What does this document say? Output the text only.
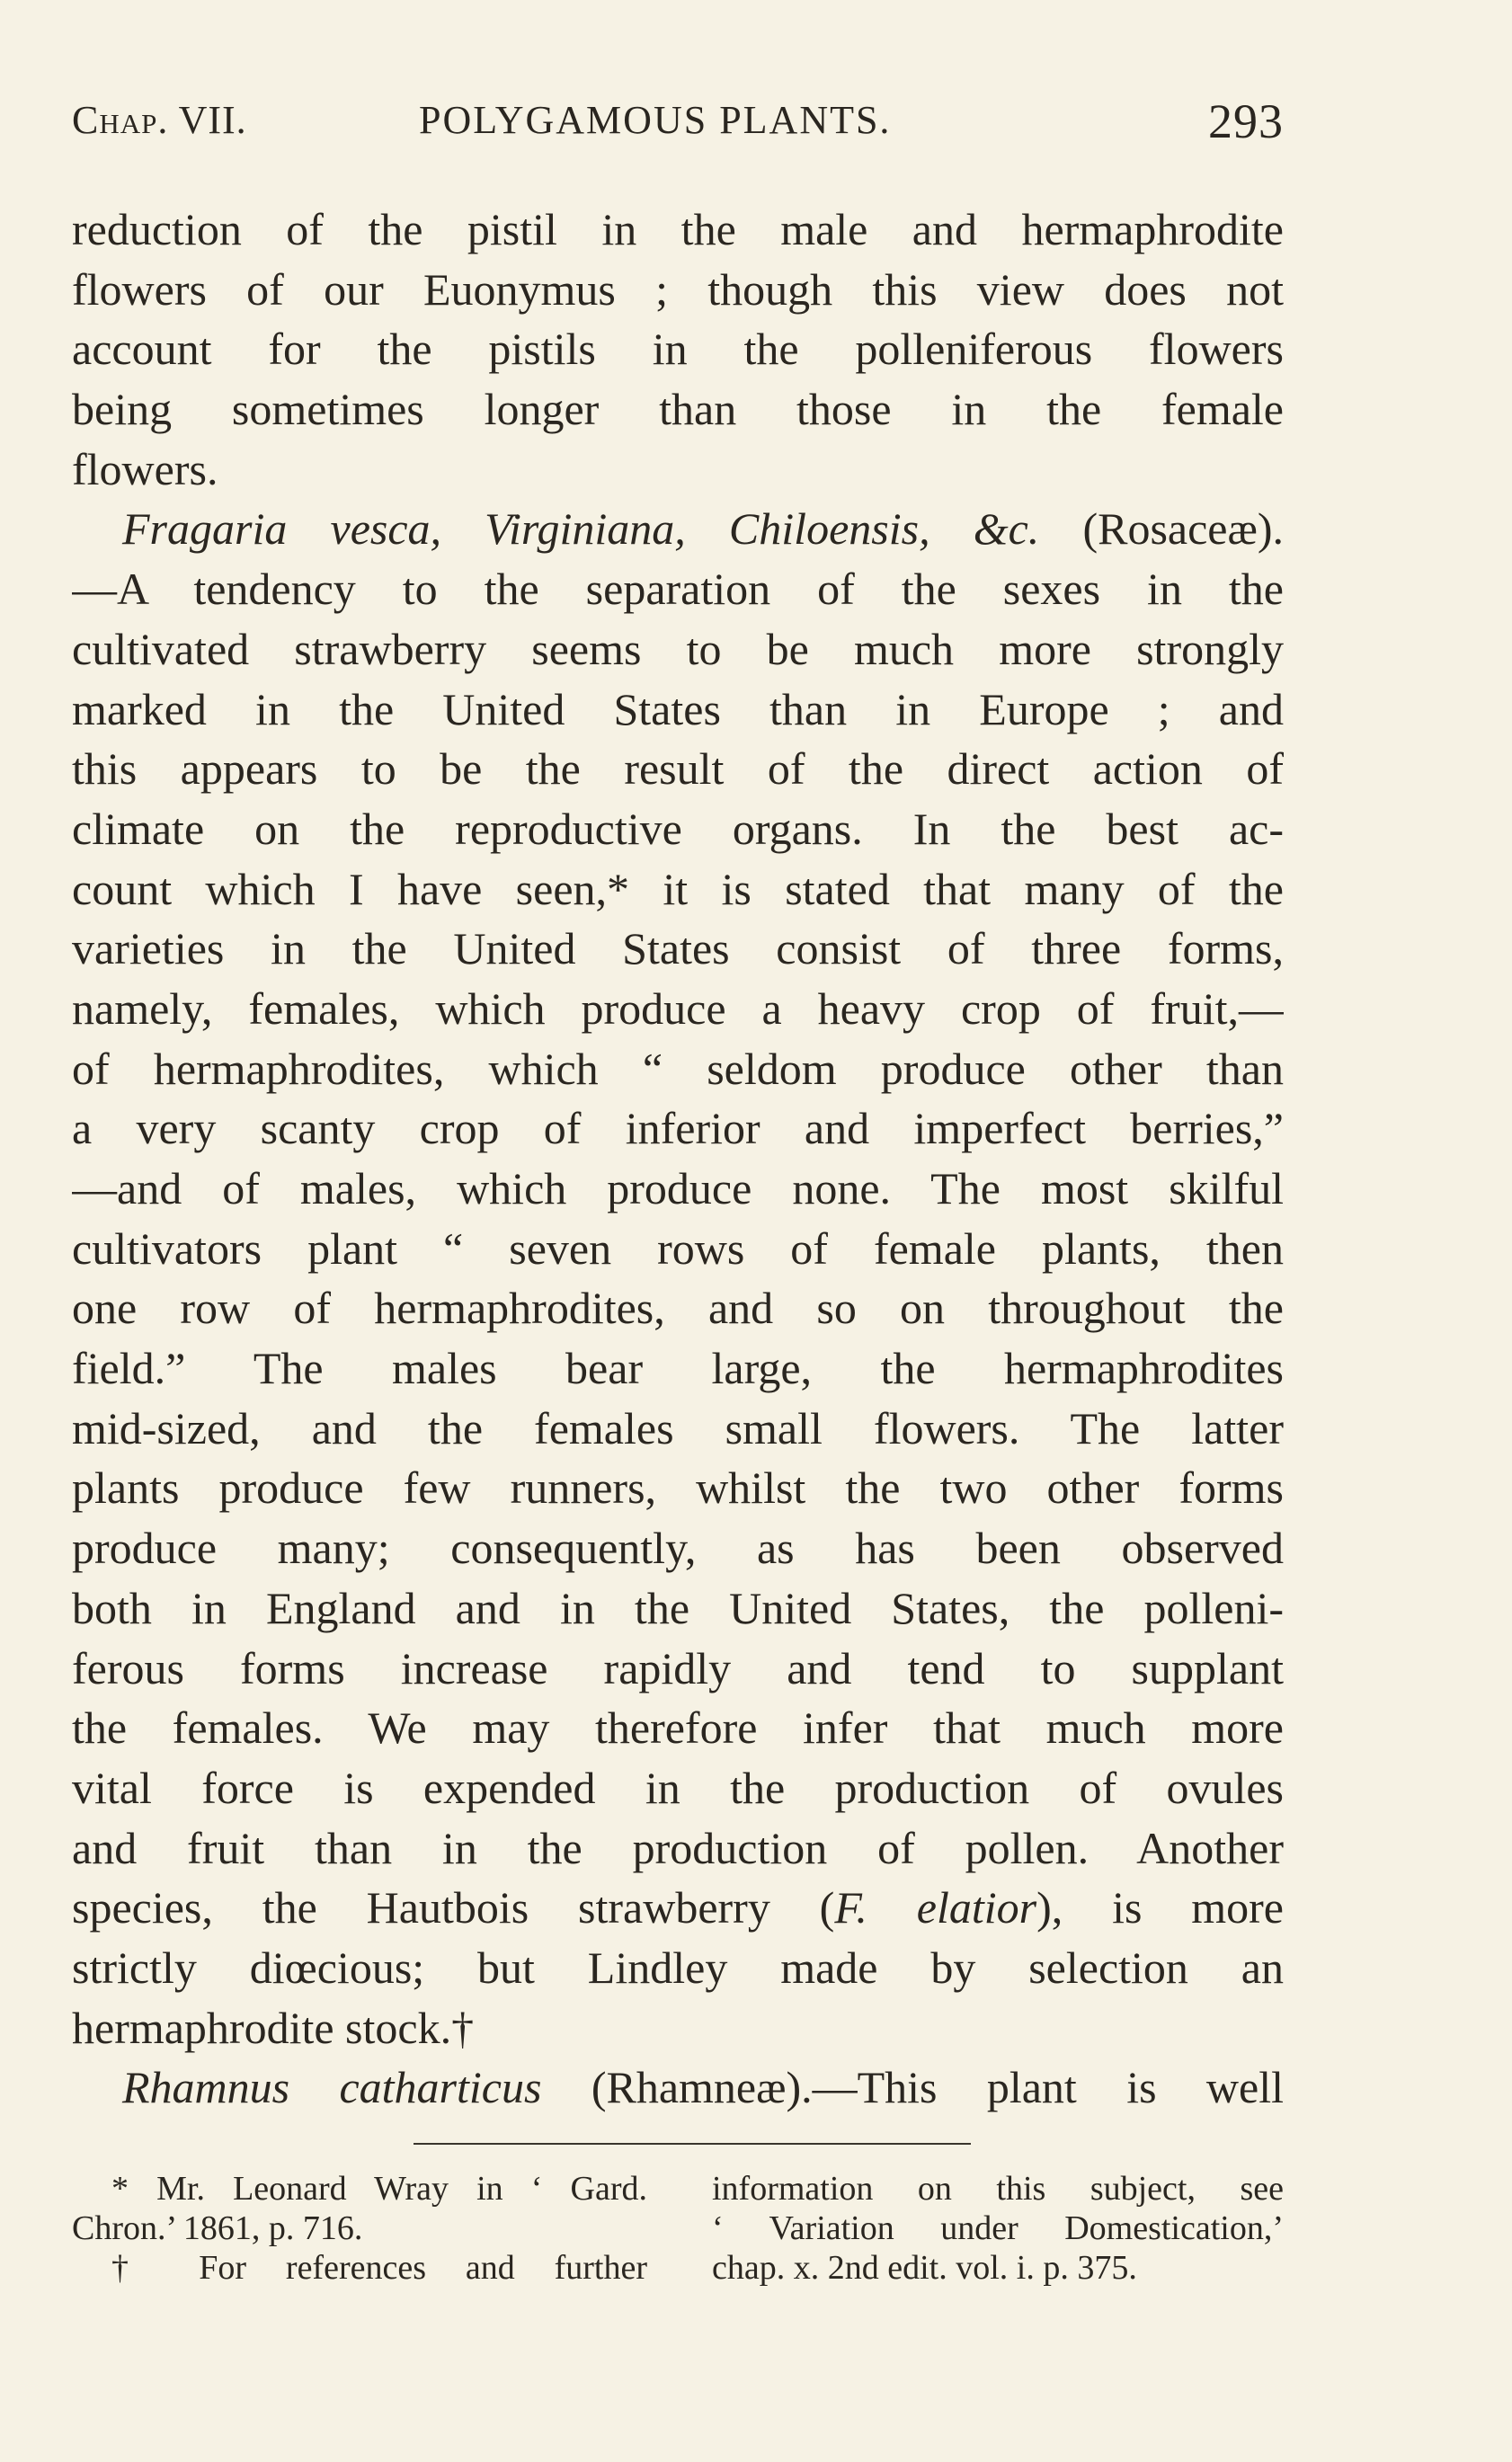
Chap. VII.	POLYGAMOUS PLANTS.	293
reduction of the pistil in the male and hermaphrodite
flowers of our Euonymus ; though this view does not
account for the pistils in the polleniferous flowers
being sometimes longer than those in the female
flowers.
Fragaria vesca, Virginiana, Chiloensis, &c. (Rosaceæ).
—A tendency to the separation of the sexes in the
cultivated strawberry seems to be much more strongly
marked in the United States than in Europe ; and
this appears to be the result of the direct action of
climate on the reproductive organs. In the best ac-
count which I have seen,* it is stated that many of the
varieties in the United States consist of three forms,
namely, females, which produce a heavy crop of fruit,—
of hermaphrodites, which “ seldom produce other than
a very scanty crop of inferior and imperfect berries,”
—and of males, which produce none. The most skilful
cultivators plant “ seven rows of female plants, then
one row of hermaphrodites, and so on throughout the
field.” The males bear large, the hermaphrodites
mid-sized, and the females small flowers. The latter
plants produce few runners, whilst the two other forms
produce many; consequently, as has been observed
both in England and in the United States, the polleni-
ferous forms increase rapidly and tend to supplant
the females. We may therefore infer that much more
vital force is expended in the production of ovules
and fruit than in the production of pollen. Another
species, the Hautbois strawberry (F. elatior), is more
strictly diœcious; but Lindley made by selection an
hermaphrodite stock.†
Rhamnus catharticus (Rhamneæ).—This plant is well
* Mr. Leonard Wray in ‘ Gard.
Chron.’ 1861, p. 716.
† For references and further
information on this subject, see
‘ Variation under Domestication,’
chap. x. 2nd edit. vol. i. p. 375.
